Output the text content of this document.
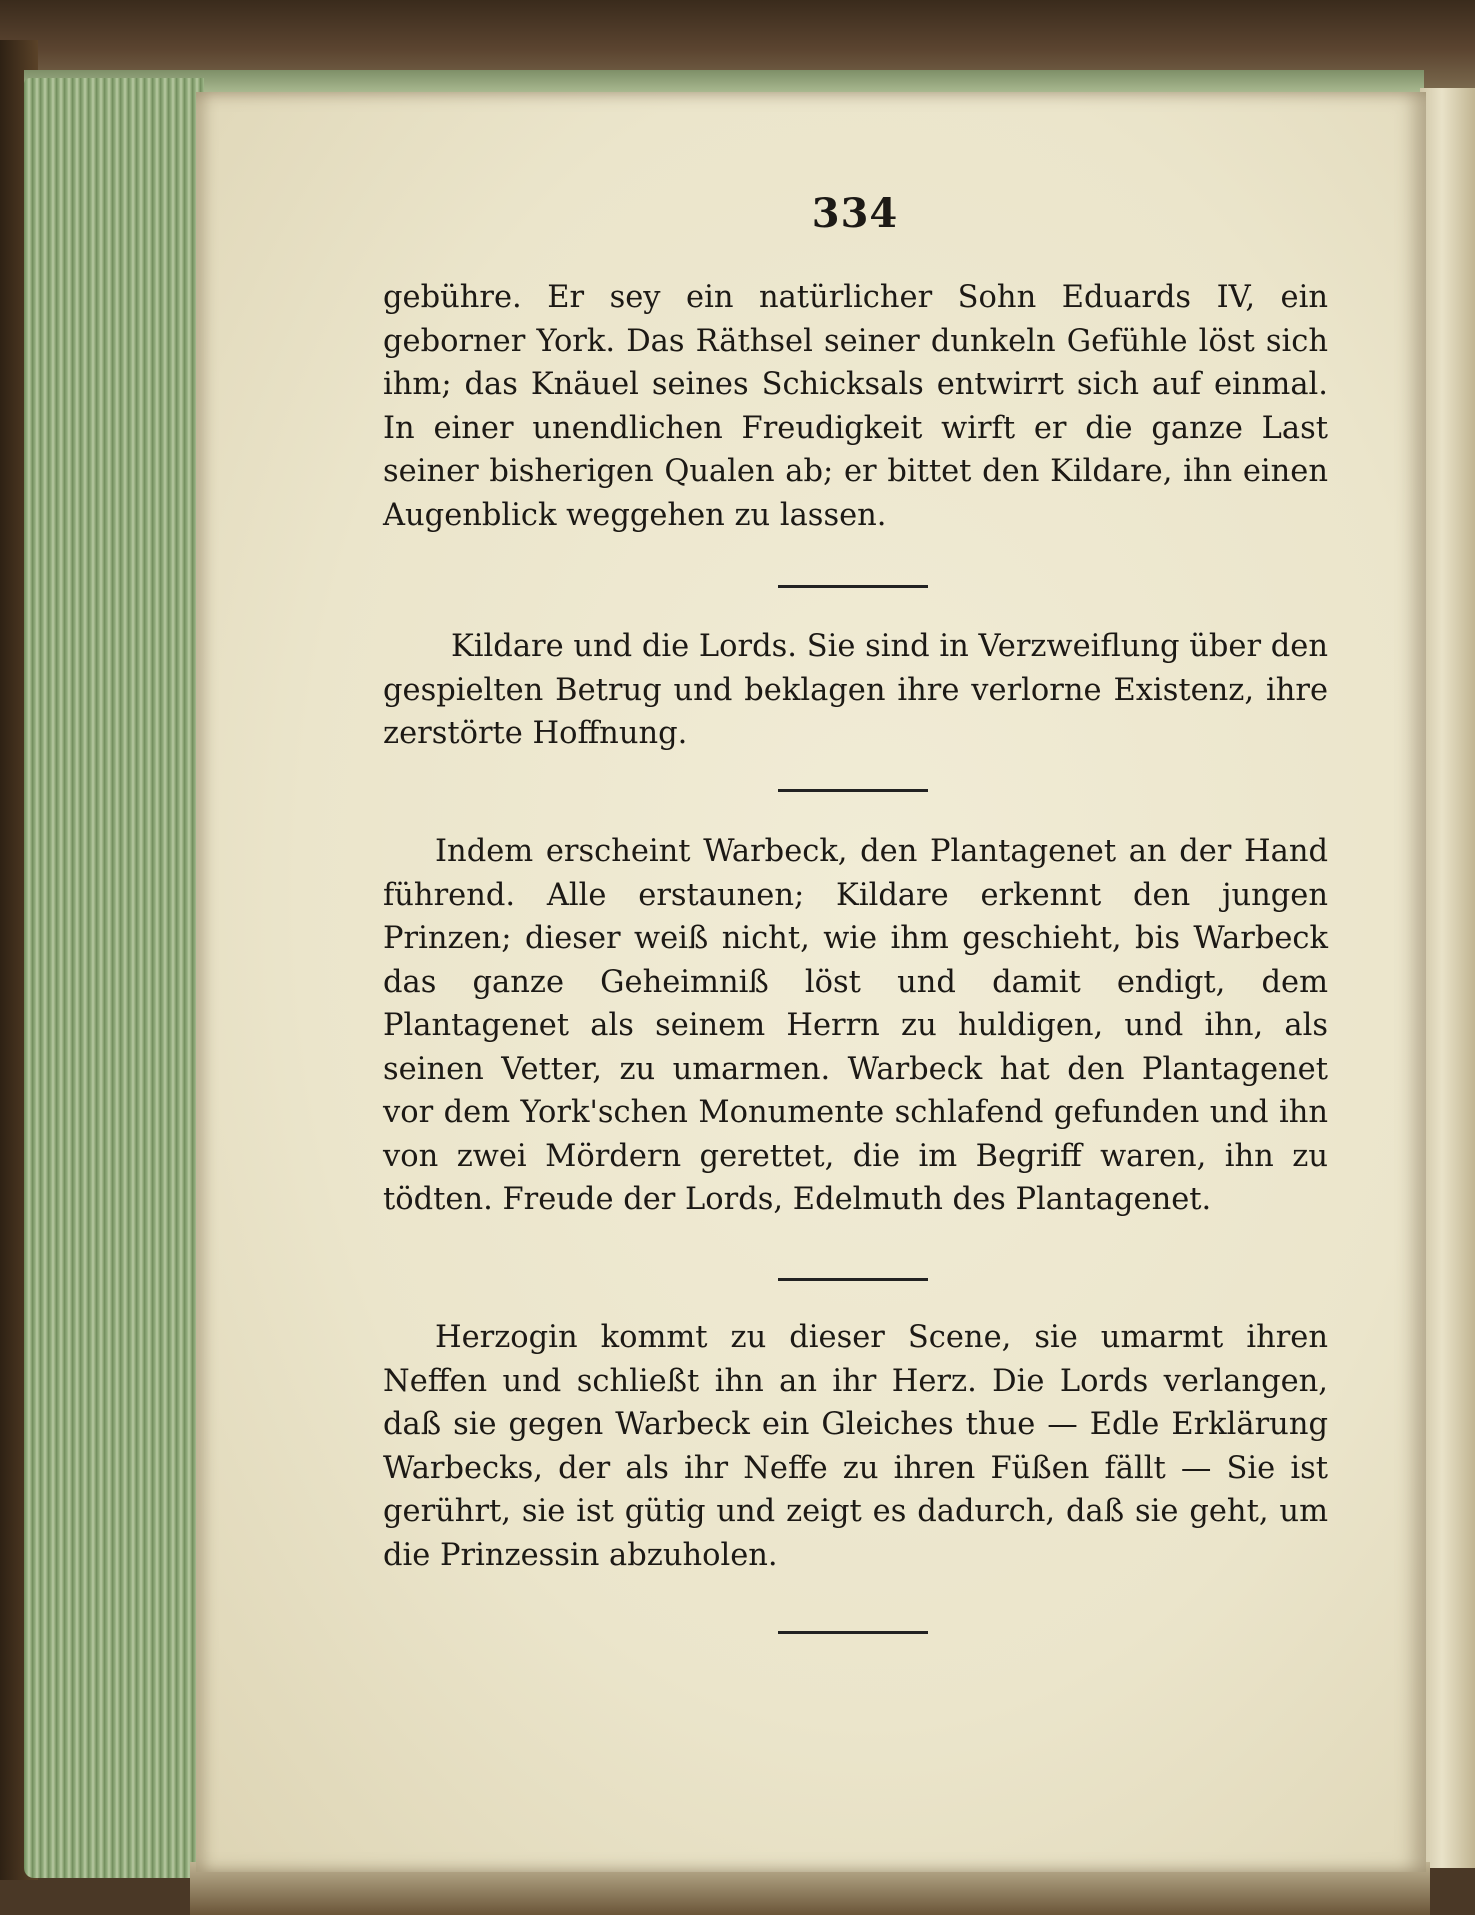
334
gebühre. Er sey ein natürlicher Sohn Eduards IV, ein geborner York. Das Räthsel seiner dunkeln Gefühle löst sich ihm; das Knäuel seines Schicksals entwirrt sich auf einmal. In einer unendlichen Freudigkeit wirft er die ganze Last seiner bisherigen Qualen ab; er bittet den Kildare, ihn einen Augenblick weggehen zu lassen.
Kildare und die Lords. Sie sind in Verzweiflung über den gespielten Betrug und beklagen ihre verlorne Existenz, ihre zerstörte Hoffnung.
Indem erscheint Warbeck, den Plantagenet an der Hand führend. Alle erstaunen; Kildare erkennt den jungen Prinzen; dieser weiß nicht, wie ihm geschieht, bis Warbeck das ganze Geheimniß löst und damit endigt, dem Plantagenet als seinem Herrn zu huldigen, und ihn, als seinen Vetter, zu umarmen. Warbeck hat den Plantagenet vor dem York'schen Monumente schlafend gefunden und ihn von zwei Mördern gerettet, die im Begriff waren, ihn zu tödten. Freude der Lords, Edelmuth des Plantagenet.
Herzogin kommt zu dieser Scene, sie umarmt ihren Neffen und schließt ihn an ihr Herz. Die Lords verlangen, daß sie gegen Warbeck ein Gleiches thue — Edle Erklärung Warbecks, der als ihr Neffe zu ihren Füßen fällt — Sie ist gerührt, sie ist gütig und zeigt es dadurch, daß sie geht, um die Prinzessin abzuholen.
